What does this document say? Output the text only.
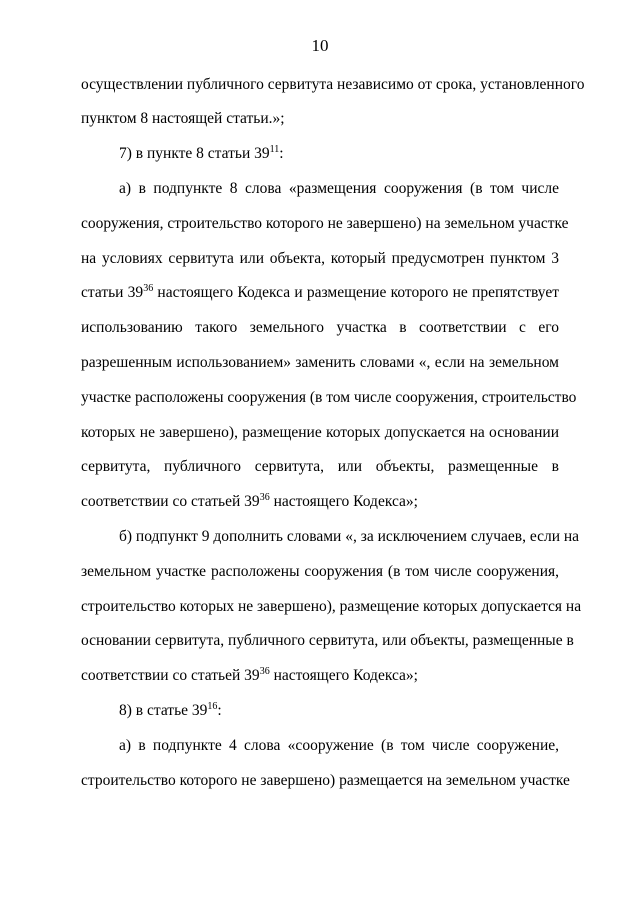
10
осуществлении публичного сервитута независимо от срока, установленного
пунктом 8 настоящей статьи.»;
7) в пункте 8 статьи $39^{11}$:
а) в подпункте 8 слова «размещения сооружения (в том числе
сооружения, строительство которого не завершено) на земельном участке
на условиях сервитута или объекта, который предусмотрен пунктом 3
статьи $39^{36}$ настоящего Кодекса и размещение которого не препятствует
использованию такого земельного участка в соответствии с его
разрешенным использованием» заменить словами «, если на земельном
участке расположены сооружения (в том числе сооружения, строительство
которых не завершено), размещение которых допускается на основании
сервитута, публичного сервитута, или объекты, размещенные в
соответствии со статьей $39^{36}$ настоящего Кодекса»;
б) подпункт 9 дополнить словами «, за исключением случаев, если на
земельном участке расположены сооружения (в том числе сооружения,
строительство которых не завершено), размещение которых допускается на
основании сервитута, публичного сервитута, или объекты, размещенные в
соответствии со статьей $39^{36}$ настоящего Кодекса»;
8) в статье $39^{16}$:
а) в подпункте 4 слова «сооружение (в том числе сооружение,
строительство которого не завершено) размещается на земельном участке
